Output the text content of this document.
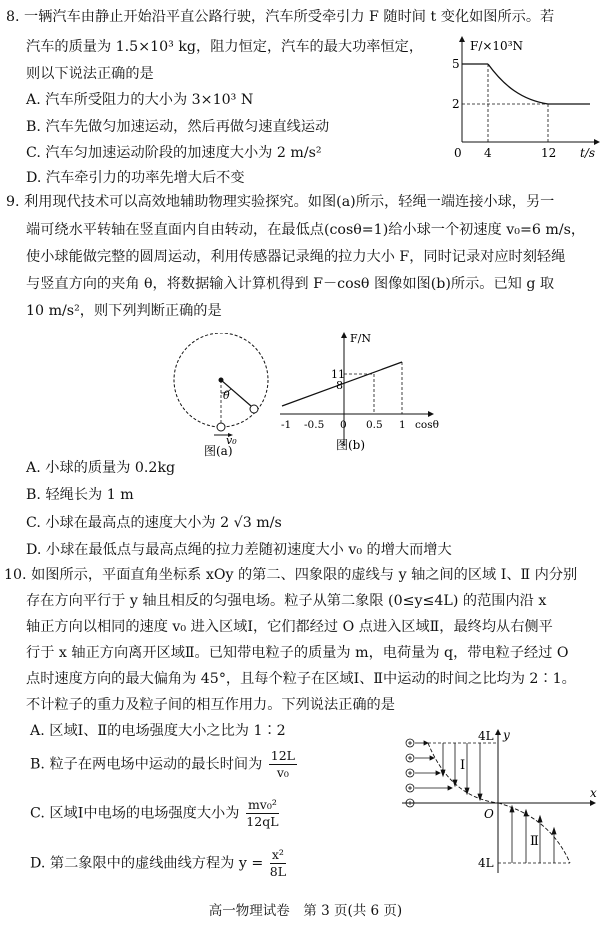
8. 一辆汽车由静止开始沿平直公路行驶，汽车所受牵引力 F 随时间 t 变化如图所示。若
汽车的质量为 1.5×10³ kg，阻力恒定，汽车的最大功率恒定，
则以下说法正确的是
A. 汽车所受阻力的大小为 3×10³ N
B. 汽车先做匀加速运动，然后再做匀速直线运动
C. 汽车匀加速运动阶段的加速度大小为 2 m/s²
D. 汽车牵引力的功率先增大后不变
F/×10³N
5
2
0 4	12 t/s
9. 利用现代技术可以高效地辅助物理实验探究。如图(a)所示，轻绳一端连接小球，另一
端可绕水平转轴在竖直面内自由转动，在最低点(cosθ=1)给小球一个初速度 v₀=6 m/s，
使小球能做完整的圆周运动，利用传感器记录绳的拉力大小 F，同时记录对应时刻轻绳
与竖直方向的夹角 θ，将数据输入计算机得到 F－cosθ 图像如图(b)所示。已知 g 取
10 m/s²，则下列判断正确的是
θ
v₀
图(a)
F/N
11
8
-1 -0.5 0 0.5 1 cosθ
图(b)
A. 小球的质量为 0.2kg
B. 轻绳长为 1 m
C. 小球在最高点的速度大小为 2 √3 m/s
D. 小球在最低点与最高点绳的拉力差随初速度大小 v₀ 的增大而增大
10. 如图所示，平面直角坐标系 xOy 的第二、四象限的虚线与 y 轴之间的区域 Ⅰ、Ⅱ 内分别
存在方向平行于 y 轴且相反的匀强电场。粒子从第二象限 (0≤y≤4L) 的范围内沿 x
轴正方向以相同的速度 v₀ 进入区域Ⅰ，它们都经过 O 点进入区域Ⅱ，最终均从右侧平
行于 x 轴正方向离开区域Ⅱ。已知带电粒子的质量为 m，电荷量为 q，带电粒子经过 O
点时速度方向的最大偏角为 45°，且每个粒子在区域Ⅰ、Ⅱ中运动的时间之比均为 2∶1。
不计粒子的重力及粒子间的相互作用力。下列说法正确的是
A. 区域Ⅰ、Ⅱ的电场强度大小之比为 1∶2
B. 粒子在两电场中运动的最长时间为 $\frac{12L}{\text{v₀}}$
C. 区域Ⅰ中电场的电场强度大小为 $\frac{\text{mv₀²}}{12qL}$
D. 第二象限中的虚线曲线方程为 $y = \frac{\text{x²}}{8L}$
y
x
O
4L
4L
Ⅰ
Ⅱ
高一物理试卷　第 3 页(共 6 页)
